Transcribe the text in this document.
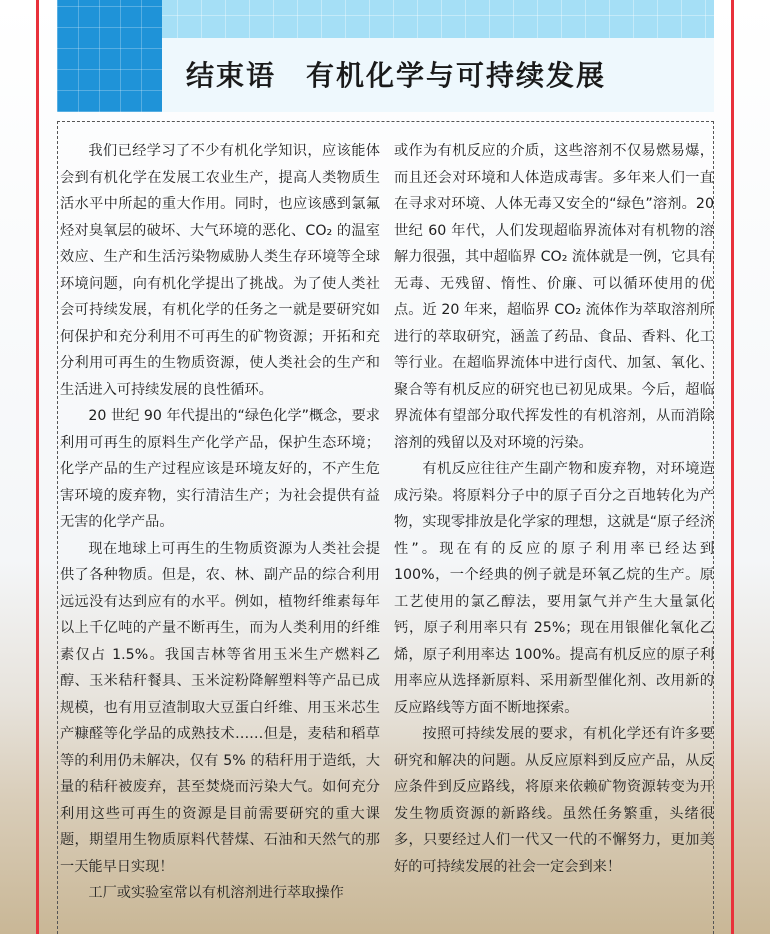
结束语　有机化学与可持续发展

我们已经学习了不少有机化学知识，应该能体会到有机化学在发展工农业生产，提高人类物质生活水平中所起的重大作用。同时，也应该感到氯氟烃对臭氧层的破坏、大气环境的恶化、CO₂ 的温室效应、生产和生活污染物威胁人类生存环境等全球环境问题，向有机化学提出了挑战。为了使人类社会可持续发展，有机化学的任务之一就是要研究如何保护和充分利用不可再生的矿物资源；开拓和充分利用可再生的生物质资源，使人类社会的生产和生活进入可持续发展的良性循环。

20 世纪 90 年代提出的“绿色化学”概念，要求利用可再生的原料生产化学产品，保护生态环境；化学产品的生产过程应该是环境友好的，不产生危害环境的废弃物，实行清洁生产；为社会提供有益无害的化学产品。

现在地球上可再生的生物质资源为人类社会提供了各种物质。但是，农、林、副产品的综合利用远远没有达到应有的水平。例如，植物纤维素每年以上千亿吨的产量不断再生，而为人类利用的纤维素仅占 1.5%。我国吉林等省用玉米生产燃料乙醇、玉米秸秆餐具、玉米淀粉降解塑料等产品已成规模，也有用豆渣制取大豆蛋白纤维、用玉米芯生产糠醛等化学品的成熟技术……但是，麦秸和稻草等的利用仍未解决，仅有 5% 的秸秆用于造纸，大量的秸秆被废弃，甚至焚烧而污染大气。如何充分利用这些可再生的资源是目前需要研究的重大课题，期望用生物质原料代替煤、石油和天然气的那一天能早日实现！

工厂或实验室常以有机溶剂进行萃取操作

或作为有机反应的介质，这些溶剂不仅易燃易爆，而且还会对环境和人体造成毒害。多年来人们一直在寻求对环境、人体无毒又安全的“绿色”溶剂。20 世纪 60 年代，人们发现超临界流体对有机物的溶解力很强，其中超临界 CO₂ 流体就是一例，它具有无毒、无残留、惰性、价廉、可以循环使用的优点。近 20 年来，超临界 CO₂ 流体作为萃取溶剂所进行的萃取研究，涵盖了药品、食品、香料、化工等行业。在超临界流体中进行卤代、加氢、氧化、聚合等有机反应的研究也已初见成果。今后，超临界流体有望部分取代挥发性的有机溶剂，从而消除溶剂的残留以及对环境的污染。

有机反应往往产生副产物和废弃物，对环境造成污染。将原料分子中的原子百分之百地转化为产物，实现零排放是化学家的理想，这就是“原子经济性”。现在有的反应的原子利用率已经达到 100%，一个经典的例子就是环氧乙烷的生产。原工艺使用的氯乙醇法，要用氯气并产生大量氯化钙，原子利用率只有 25%；现在用银催化氧化乙烯，原子利用率达 100%。提高有机反应的原子利用率应从选择新原料、采用新型催化剂、改用新的反应路线等方面不断地探索。

按照可持续发展的要求，有机化学还有许多要研究和解决的问题。从反应原料到反应产品，从反应条件到反应路线，将原来依赖矿物资源转变为开发生物质资源的新路线。虽然任务繁重，头绪很多，只要经过人们一代又一代的不懈努力，更加美好的可持续发展的社会一定会到来！
